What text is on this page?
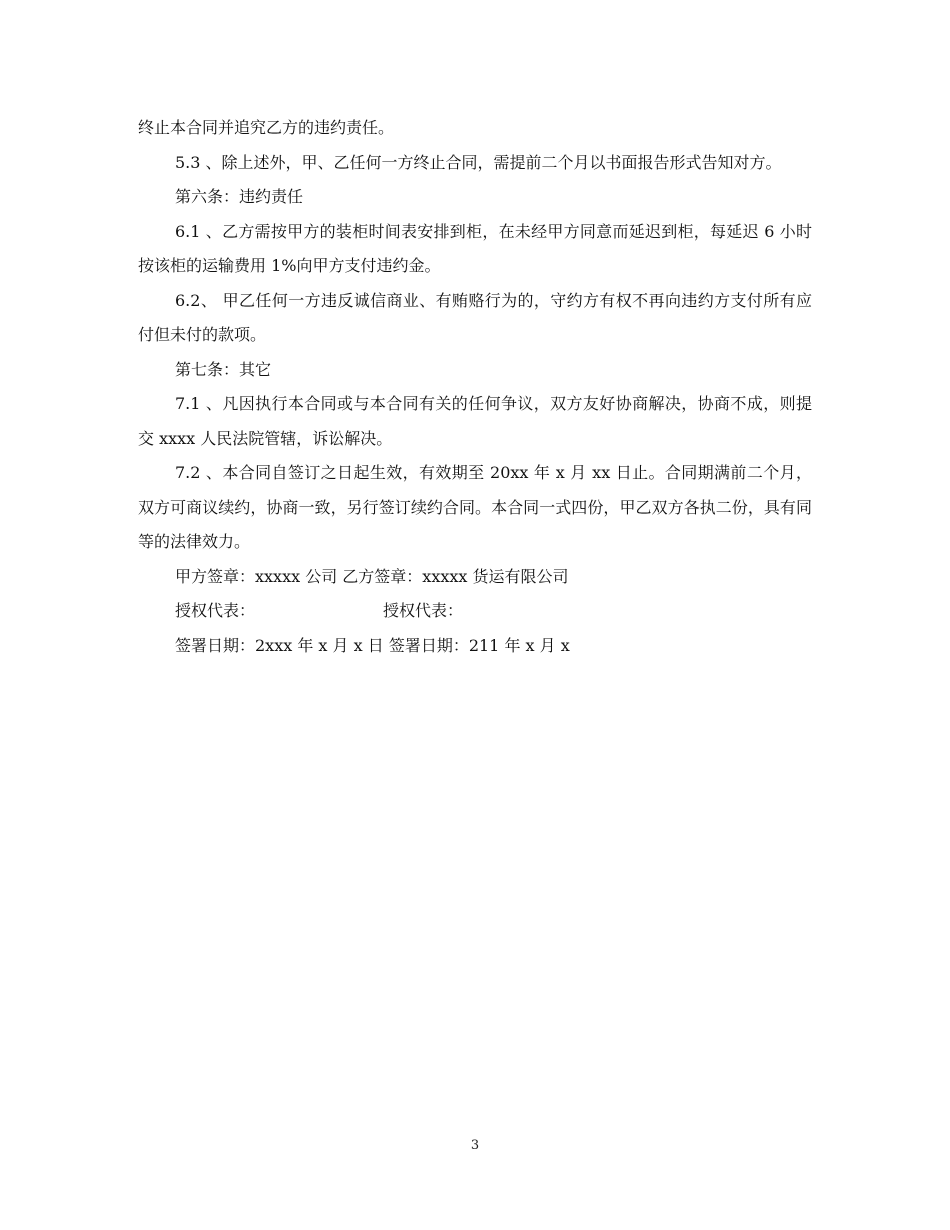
终止本合同并追究乙方的违约责任。

5.3 、除上述外，甲、乙任何一方终止合同，需提前二个月以书面报告形式告知对方。

第六条：违约责任

6.1 、乙方需按甲方的装柜时间表安排到柜，在未经甲方同意而延迟到柜，每延迟 6 小时按该柜的运输费用 1%向甲方支付违约金。

6.2、 甲乙任何一方违反诚信商业、有贿赂行为的，守约方有权不再向违约方支付所有应付但未付的款项。

第七条：其它

7.1 、凡因执行本合同或与本合同有关的任何争议，双方友好协商解决，协商不成，则提交 xxxx 人民法院管辖，诉讼解决。

7.2 、本合同自签订之日起生效，有效期至 20xx 年 x 月 xx 日止。合同期满前二个月，双方可商议续约，协商一致，另行签订续约合同。本合同一式四份，甲乙双方各执二份，具有同等的法律效力。

甲方签章：xxxxx 公司 乙方签章：xxxxx 货运有限公司

授权代表：	授权代表：

签署日期：2xxx 年 x 月 x 日 签署日期：211 年 x 月 x

3
